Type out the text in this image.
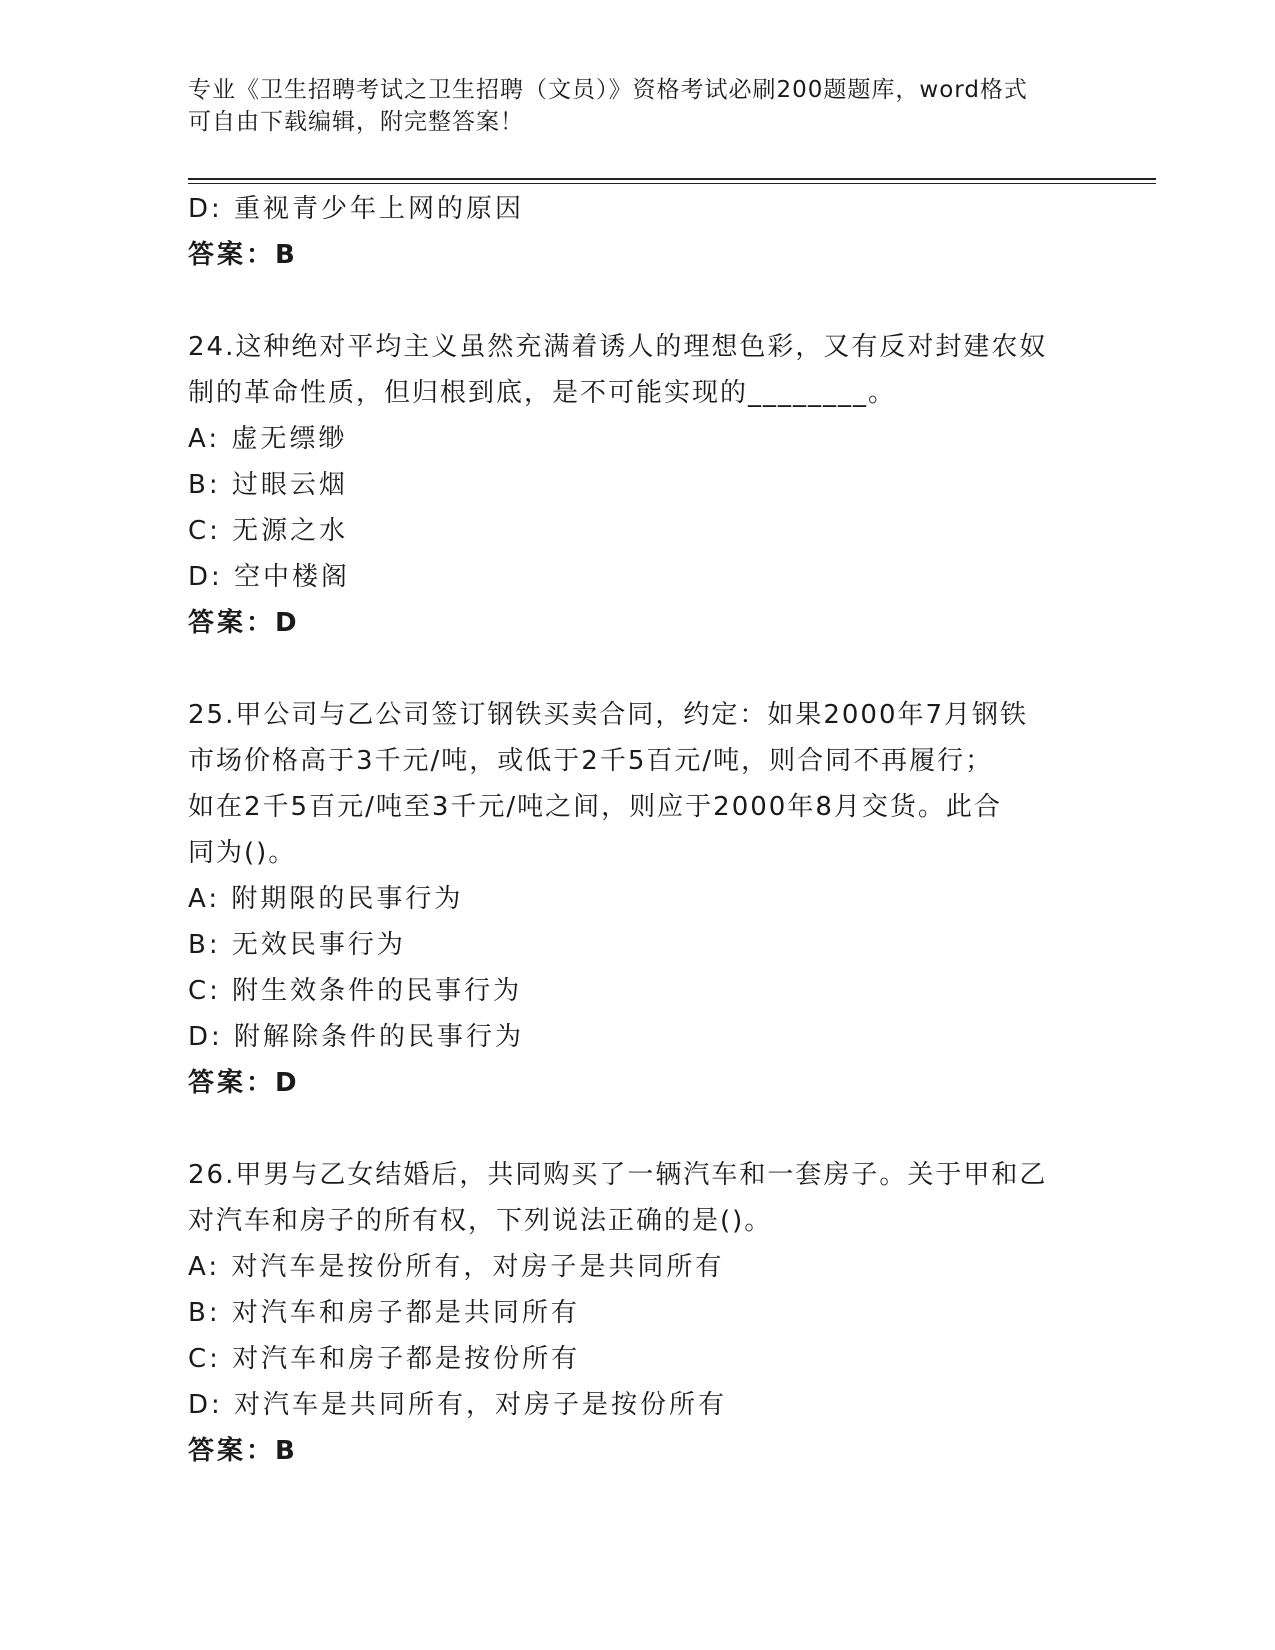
专业《卫生招聘考试之卫生招聘（文员）》资格考试必刷200题题库，word格式
可自由下载编辑，附完整答案！
D: 重视青少年上网的原因
答案：B
24.这种绝对平均主义虽然充满着诱人的理想色彩，又有反对封建农奴
制的革命性质，但归根到底，是不可能实现的________。
A: 虚无缥缈
B: 过眼云烟
C: 无源之水
D: 空中楼阁
答案：D
25.甲公司与乙公司签订钢铁买卖合同，约定：如果2000年7月钢铁
市场价格高于3千元/吨，或低于2千5百元/吨，则合同不再履行；
如在2千5百元/吨至3千元/吨之间，则应于2000年8月交货。此合
同为()。
A: 附期限的民事行为
B: 无效民事行为
C: 附生效条件的民事行为
D: 附解除条件的民事行为
答案：D
26.甲男与乙女结婚后，共同购买了一辆汽车和一套房子。关于甲和乙
对汽车和房子的所有权，下列说法正确的是()。
A: 对汽车是按份所有，对房子是共同所有
B: 对汽车和房子都是共同所有
C: 对汽车和房子都是按份所有
D: 对汽车是共同所有，对房子是按份所有
答案：B
